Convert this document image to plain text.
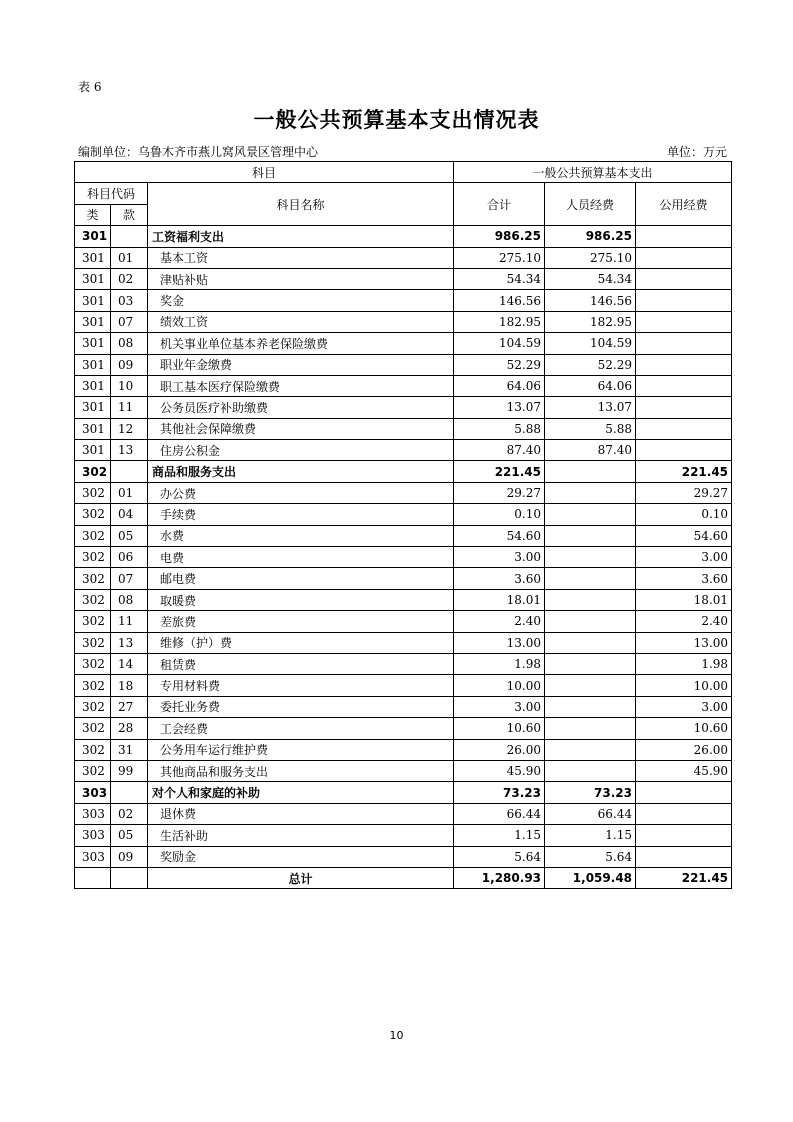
表 6
一般公共预算基本支出情况表
编制单位：乌鲁木齐市燕儿窝风景区管理中心	单位：万元
科目			一般公共预算基本支出		
科目代码		科目名称	合计	人员经费	公用经费
类	款				
301		工资福利支出	986.25	986.25	
301	01	基本工资	275.10	275.10	
301	02	津贴补贴	54.34	54.34	
301	03	奖金	146.56	146.56	
301	07	绩效工资	182.95	182.95	
301	08	机关事业单位基本养老保险缴费	104.59	104.59	
301	09	职业年金缴费	52.29	52.29	
301	10	职工基本医疗保险缴费	64.06	64.06	
301	11	公务员医疗补助缴费	13.07	13.07	
301	12	其他社会保障缴费	5.88	5.88	
301	13	住房公积金	87.40	87.40	
302		商品和服务支出	221.45		221.45
302	01	办公费	29.27		29.27
302	04	手续费	0.10		0.10
302	05	水费	54.60		54.60
302	06	电费	3.00		3.00
302	07	邮电费	3.60		3.60
302	08	取暖费	18.01		18.01
302	11	差旅费	2.40		2.40
302	13	维修（护）费	13.00		13.00
302	14	租赁费	1.98		1.98
302	18	专用材料费	10.00		10.00
302	27	委托业务费	3.00		3.00
302	28	工会经费	10.60		10.60
302	31	公务用车运行维护费	26.00		26.00
302	99	其他商品和服务支出	45.90		45.90
303		对个人和家庭的补助	73.23	73.23	
303	02	退休费	66.44	66.44	
303	05	生活补助	1.15	1.15	
303	09	奖励金	5.64	5.64	
		总计	1,280.93	1,059.48	221.45
10
